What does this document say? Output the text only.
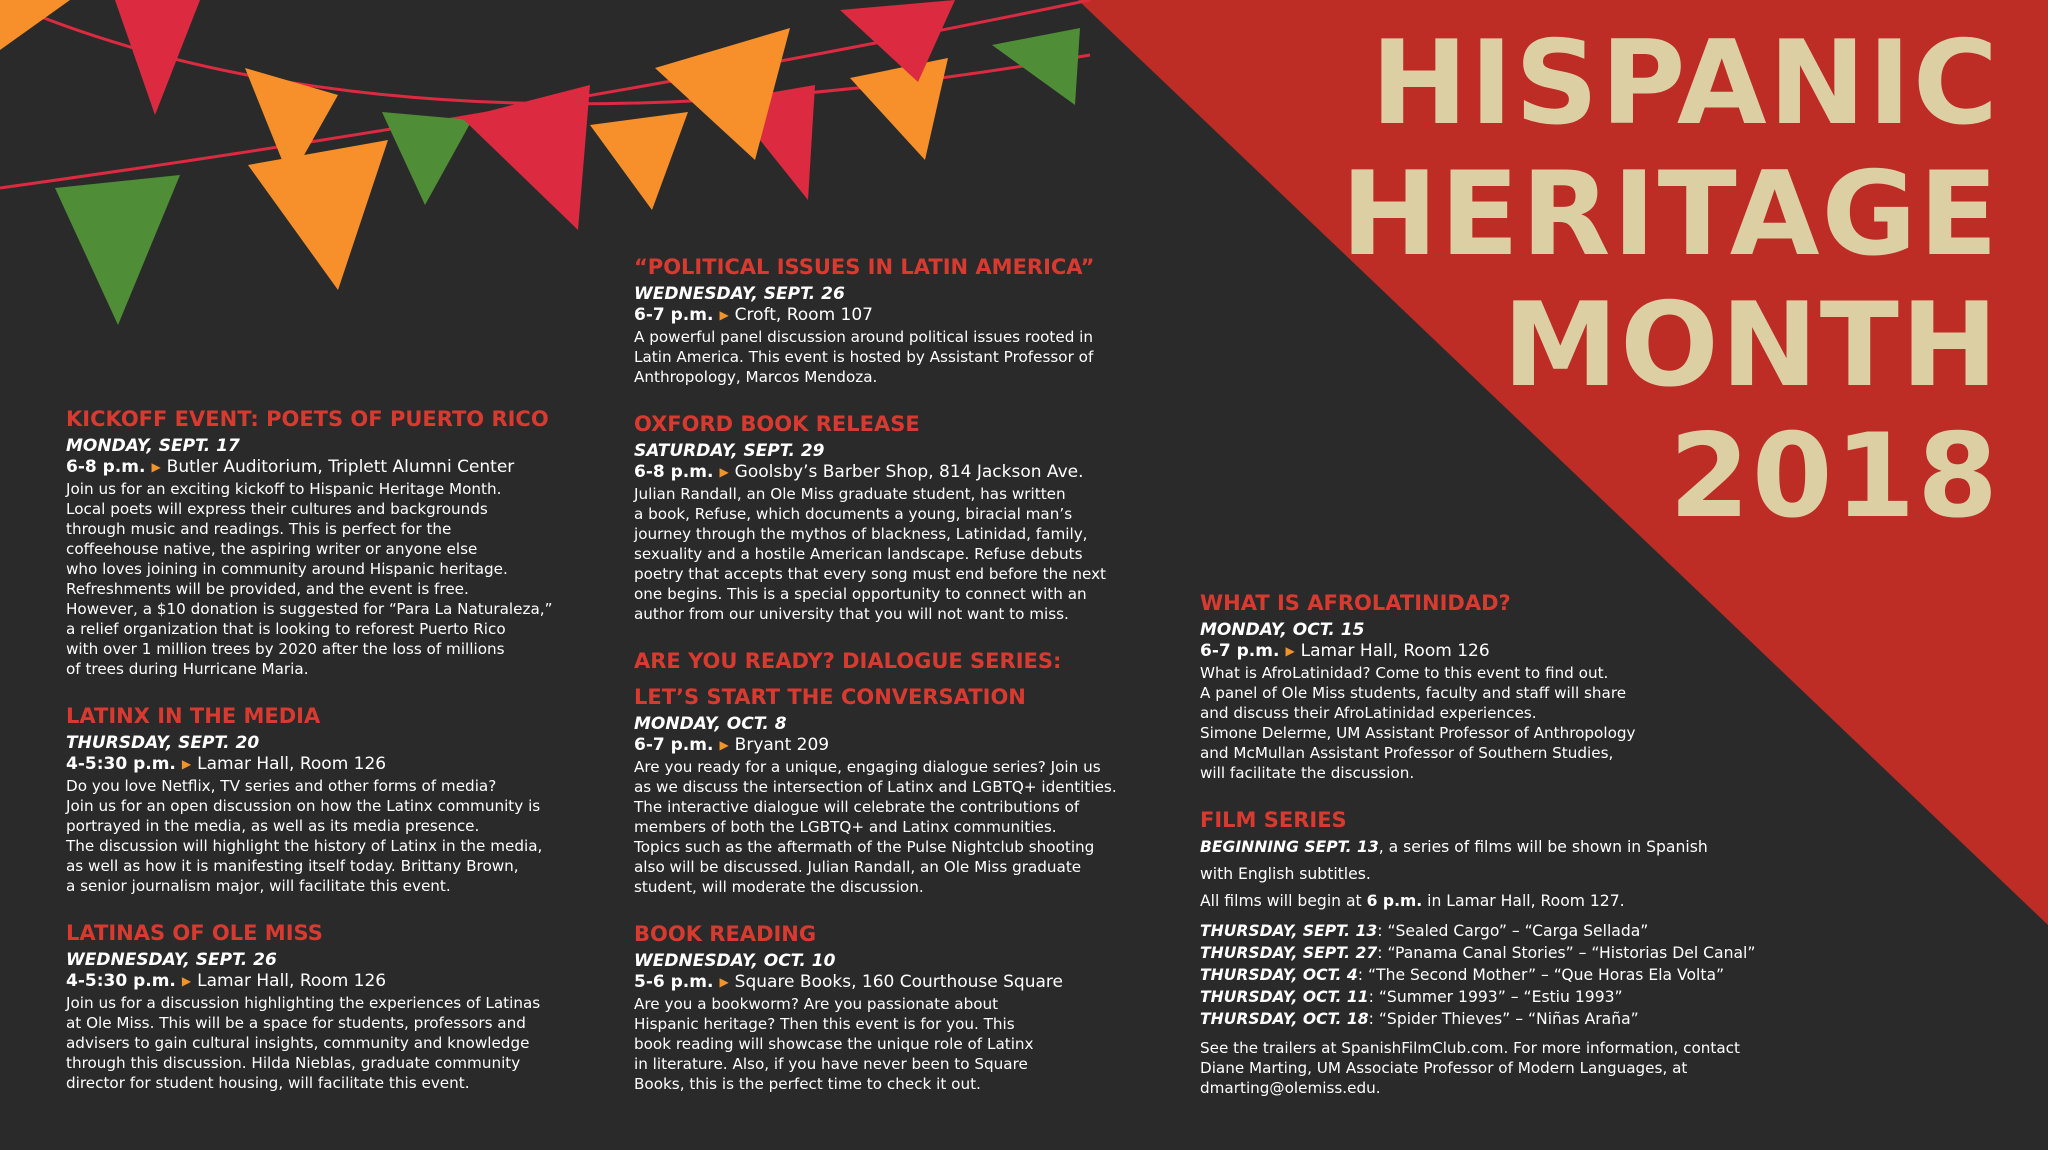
HISPANIC
HERITAGE
MONTH
2018
KICKOFF EVENT: POETS OF PUERTO RICO
MONDAY, SEPT. 17
6-8 p.m. ▶ Butler Auditorium, Triplett Alumni Center
Join us for an exciting kickoff to Hispanic Heritage Month.
Local poets will express their cultures and backgrounds
through music and readings. This is perfect for the
coffeehouse native, the aspiring writer or anyone else
who loves joining in community around Hispanic heritage.
Refreshments will be provided, and the event is free.
However, a $10 donation is suggested for “Para La Naturaleza,”
a relief organization that is looking to reforest Puerto Rico
with over 1 million trees by 2020 after the loss of millions
of trees during Hurricane Maria.
LATINX IN THE MEDIA
THURSDAY, SEPT. 20
4-5:30 p.m. ▶ Lamar Hall, Room 126
Do you love Netflix, TV series and other forms of media?
Join us for an open discussion on how the Latinx community is
portrayed in the media, as well as its media presence.
The discussion will highlight the history of Latinx in the media,
as well as how it is manifesting itself today. Brittany Brown,
a senior journalism major, will facilitate this event.
LATINAS OF OLE MISS
WEDNESDAY, SEPT. 26
4-5:30 p.m. ▶ Lamar Hall, Room 126
Join us for a discussion highlighting the experiences of Latinas
at Ole Miss. This will be a space for students, professors and
advisers to gain cultural insights, community and knowledge
through this discussion. Hilda Nieblas, graduate community
director for student housing, will facilitate this event.
“POLITICAL ISSUES IN LATIN AMERICA”
WEDNESDAY, SEPT. 26
6-7 p.m. ▶ Croft, Room 107
A powerful panel discussion around political issues rooted in
Latin America. This event is hosted by Assistant Professor of
Anthropology, Marcos Mendoza.
OXFORD BOOK RELEASE
SATURDAY, SEPT. 29
6-8 p.m. ▶ Goolsby’s Barber Shop, 814 Jackson Ave.
Julian Randall, an Ole Miss graduate student, has written
a book, Refuse, which documents a young, biracial man’s
journey through the mythos of blackness, Latinidad, family,
sexuality and a hostile American landscape. Refuse debuts
poetry that accepts that every song must end before the next
one begins. This is a special opportunity to connect with an
author from our university that you will not want to miss.
ARE YOU READY? DIALOGUE SERIES:
LET’S START THE CONVERSATION
MONDAY, OCT. 8
6-7 p.m. ▶ Bryant 209
Are you ready for a unique, engaging dialogue series? Join us
as we discuss the intersection of Latinx and LGBTQ+ identities.
The interactive dialogue will celebrate the contributions of
members of both the LGBTQ+ and Latinx communities.
Topics such as the aftermath of the Pulse Nightclub shooting
also will be discussed. Julian Randall, an Ole Miss graduate
student, will moderate the discussion.
BOOK READING
WEDNESDAY, OCT. 10
5-6 p.m. ▶ Square Books, 160 Courthouse Square
Are you a bookworm? Are you passionate about
Hispanic heritage? Then this event is for you. This
book reading will showcase the unique role of Latinx
in literature. Also, if you have never been to Square
Books, this is the perfect time to check it out.
WHAT IS AFROLATINIDAD?
MONDAY, OCT. 15
6-7 p.m. ▶ Lamar Hall, Room 126
What is AfroLatinidad? Come to this event to find out.
A panel of Ole Miss students, faculty and staff will share
and discuss their AfroLatinidad experiences.
Simone Delerme, UM Assistant Professor of Anthropology
and McMullan Assistant Professor of Southern Studies,
will facilitate the discussion.
FILM SERIES
BEGINNING SEPT. 13, a series of films will be shown in Spanish
with English subtitles.
All films will begin at 6 p.m. in Lamar Hall, Room 127.
THURSDAY, SEPT. 13: “Sealed Cargo” – “Carga Sellada”
THURSDAY, SEPT. 27: “Panama Canal Stories” – “Historias Del Canal”
THURSDAY, OCT. 4: “The Second Mother” – “Que Horas Ela Volta”
THURSDAY, OCT. 11: “Summer 1993” – “Estiu 1993”
THURSDAY, OCT. 18: “Spider Thieves” – “Niñas Araña”
See the trailers at SpanishFilmClub.com. For more information, contact
Diane Marting, UM Associate Professor of Modern Languages, at
dmarting@olemiss.edu.
